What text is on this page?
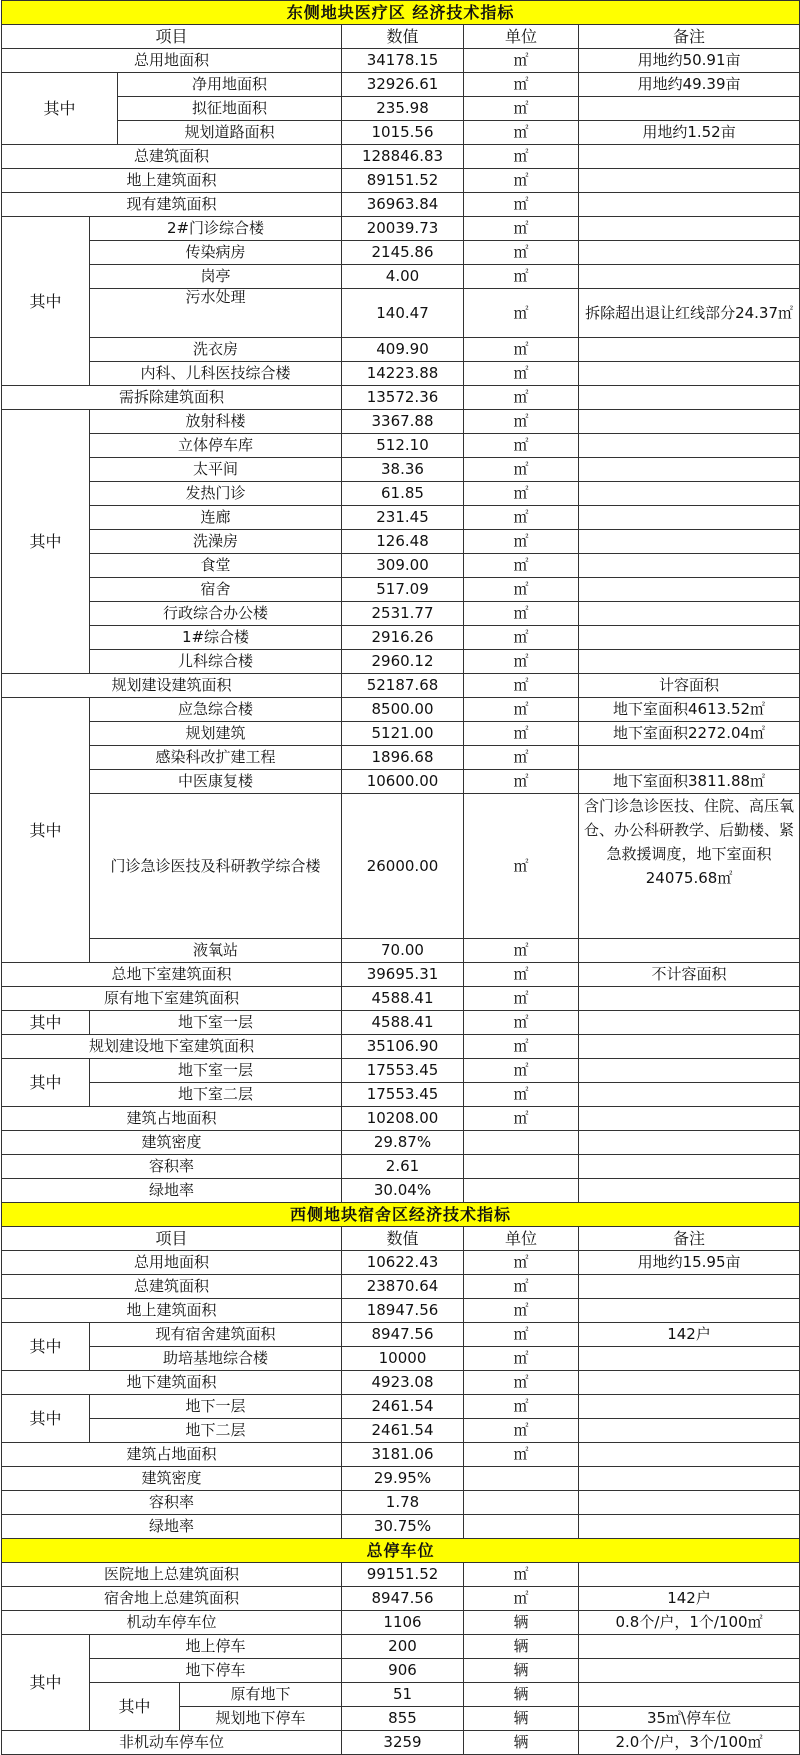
东侧地块医疗区 经济技术指标						
项目				数值	单位	备注
总用地面积				34178.15	㎡	用地约50.91亩
其中		净用地面积		32926.61	㎡	用地约49.39亩
		拟征地面积		235.98	㎡	
		规划道路面积		1015.56	㎡	用地约1.52亩
总建筑面积				128846.83	㎡	
地上建筑面积				89151.52	㎡	
现有建筑面积				36963.84	㎡	
其中	2#门诊综合楼			20039.73	㎡	
	传染病房			2145.86	㎡	
	岗亭			4.00	㎡	
	污水处理			140.47	㎡	拆除超出退让红线部分24.37㎡
	洗衣房			409.90	㎡	
	内科、儿科医技综合楼			14223.88	㎡	
需拆除建筑面积				13572.36	㎡	
其中	放射科楼			3367.88	㎡	
	立体停车库			512.10	㎡	
	太平间			38.36	㎡	
	发热门诊			61.85	㎡	
	连廊			231.45	㎡	
	洗澡房			126.48	㎡	
	食堂			309.00	㎡	
	宿舍			517.09	㎡	
	行政综合办公楼			2531.77	㎡	
	1#综合楼			2916.26	㎡	
	儿科综合楼			2960.12	㎡	
规划建设建筑面积				52187.68	㎡	计容面积
其中	应急综合楼			8500.00	㎡	地下室面积4613.52㎡
	规划建筑			5121.00	㎡	地下室面积2272.04㎡
	感染科改扩建工程			1896.68	㎡	
	中医康复楼			10600.00	㎡	地下室面积3811.88㎡
	门诊急诊医技及科研教学综合楼			26000.00	㎡	含门诊急诊医技、住院、高压氧仓、办公科研教学、后勤楼、紧急救援调度，地下室面积24075.68㎡
	液氧站			70.00	㎡	
总地下室建筑面积				39695.31	㎡	不计容面积
原有地下室建筑面积				4588.41	㎡	
其中	地下室一层			4588.41	㎡	
规划建设地下室建筑面积				35106.90	㎡	
其中	地下室一层			17553.45	㎡	
	地下室二层			17553.45	㎡	
建筑占地面积				10208.00	㎡	
建筑密度				29.87%		
容积率				2.61		
绿地率				30.04%		
西侧地块宿舍区经济技术指标						
项目				数值	单位	备注
总用地面积				10622.43	㎡	用地约15.95亩
总建筑面积				23870.64	㎡	
地上建筑面积				18947.56	㎡	
其中	现有宿舍建筑面积			8947.56	㎡	142户
	助培基地综合楼			10000	㎡	
地下建筑面积				4923.08	㎡	
其中	地下一层			2461.54	㎡	
	地下二层			2461.54	㎡	
建筑占地面积				3181.06	㎡	
建筑密度				29.95%		
容积率				1.78		
绿地率				30.75%		
总停车位						
医院地上总建筑面积				99151.52	㎡	
宿舍地上总建筑面积				8947.56	㎡	142户
机动车停车位				1106	辆	0.8个/户，1个/100㎡
其中	地上停车			200	辆	
	地下停车			906	辆	
	其中		原有地下	51	辆	
			规划地下停车	855	辆	35㎡\停车位
非机动车停车位				3259	辆	2.0个/户，3个/100㎡
